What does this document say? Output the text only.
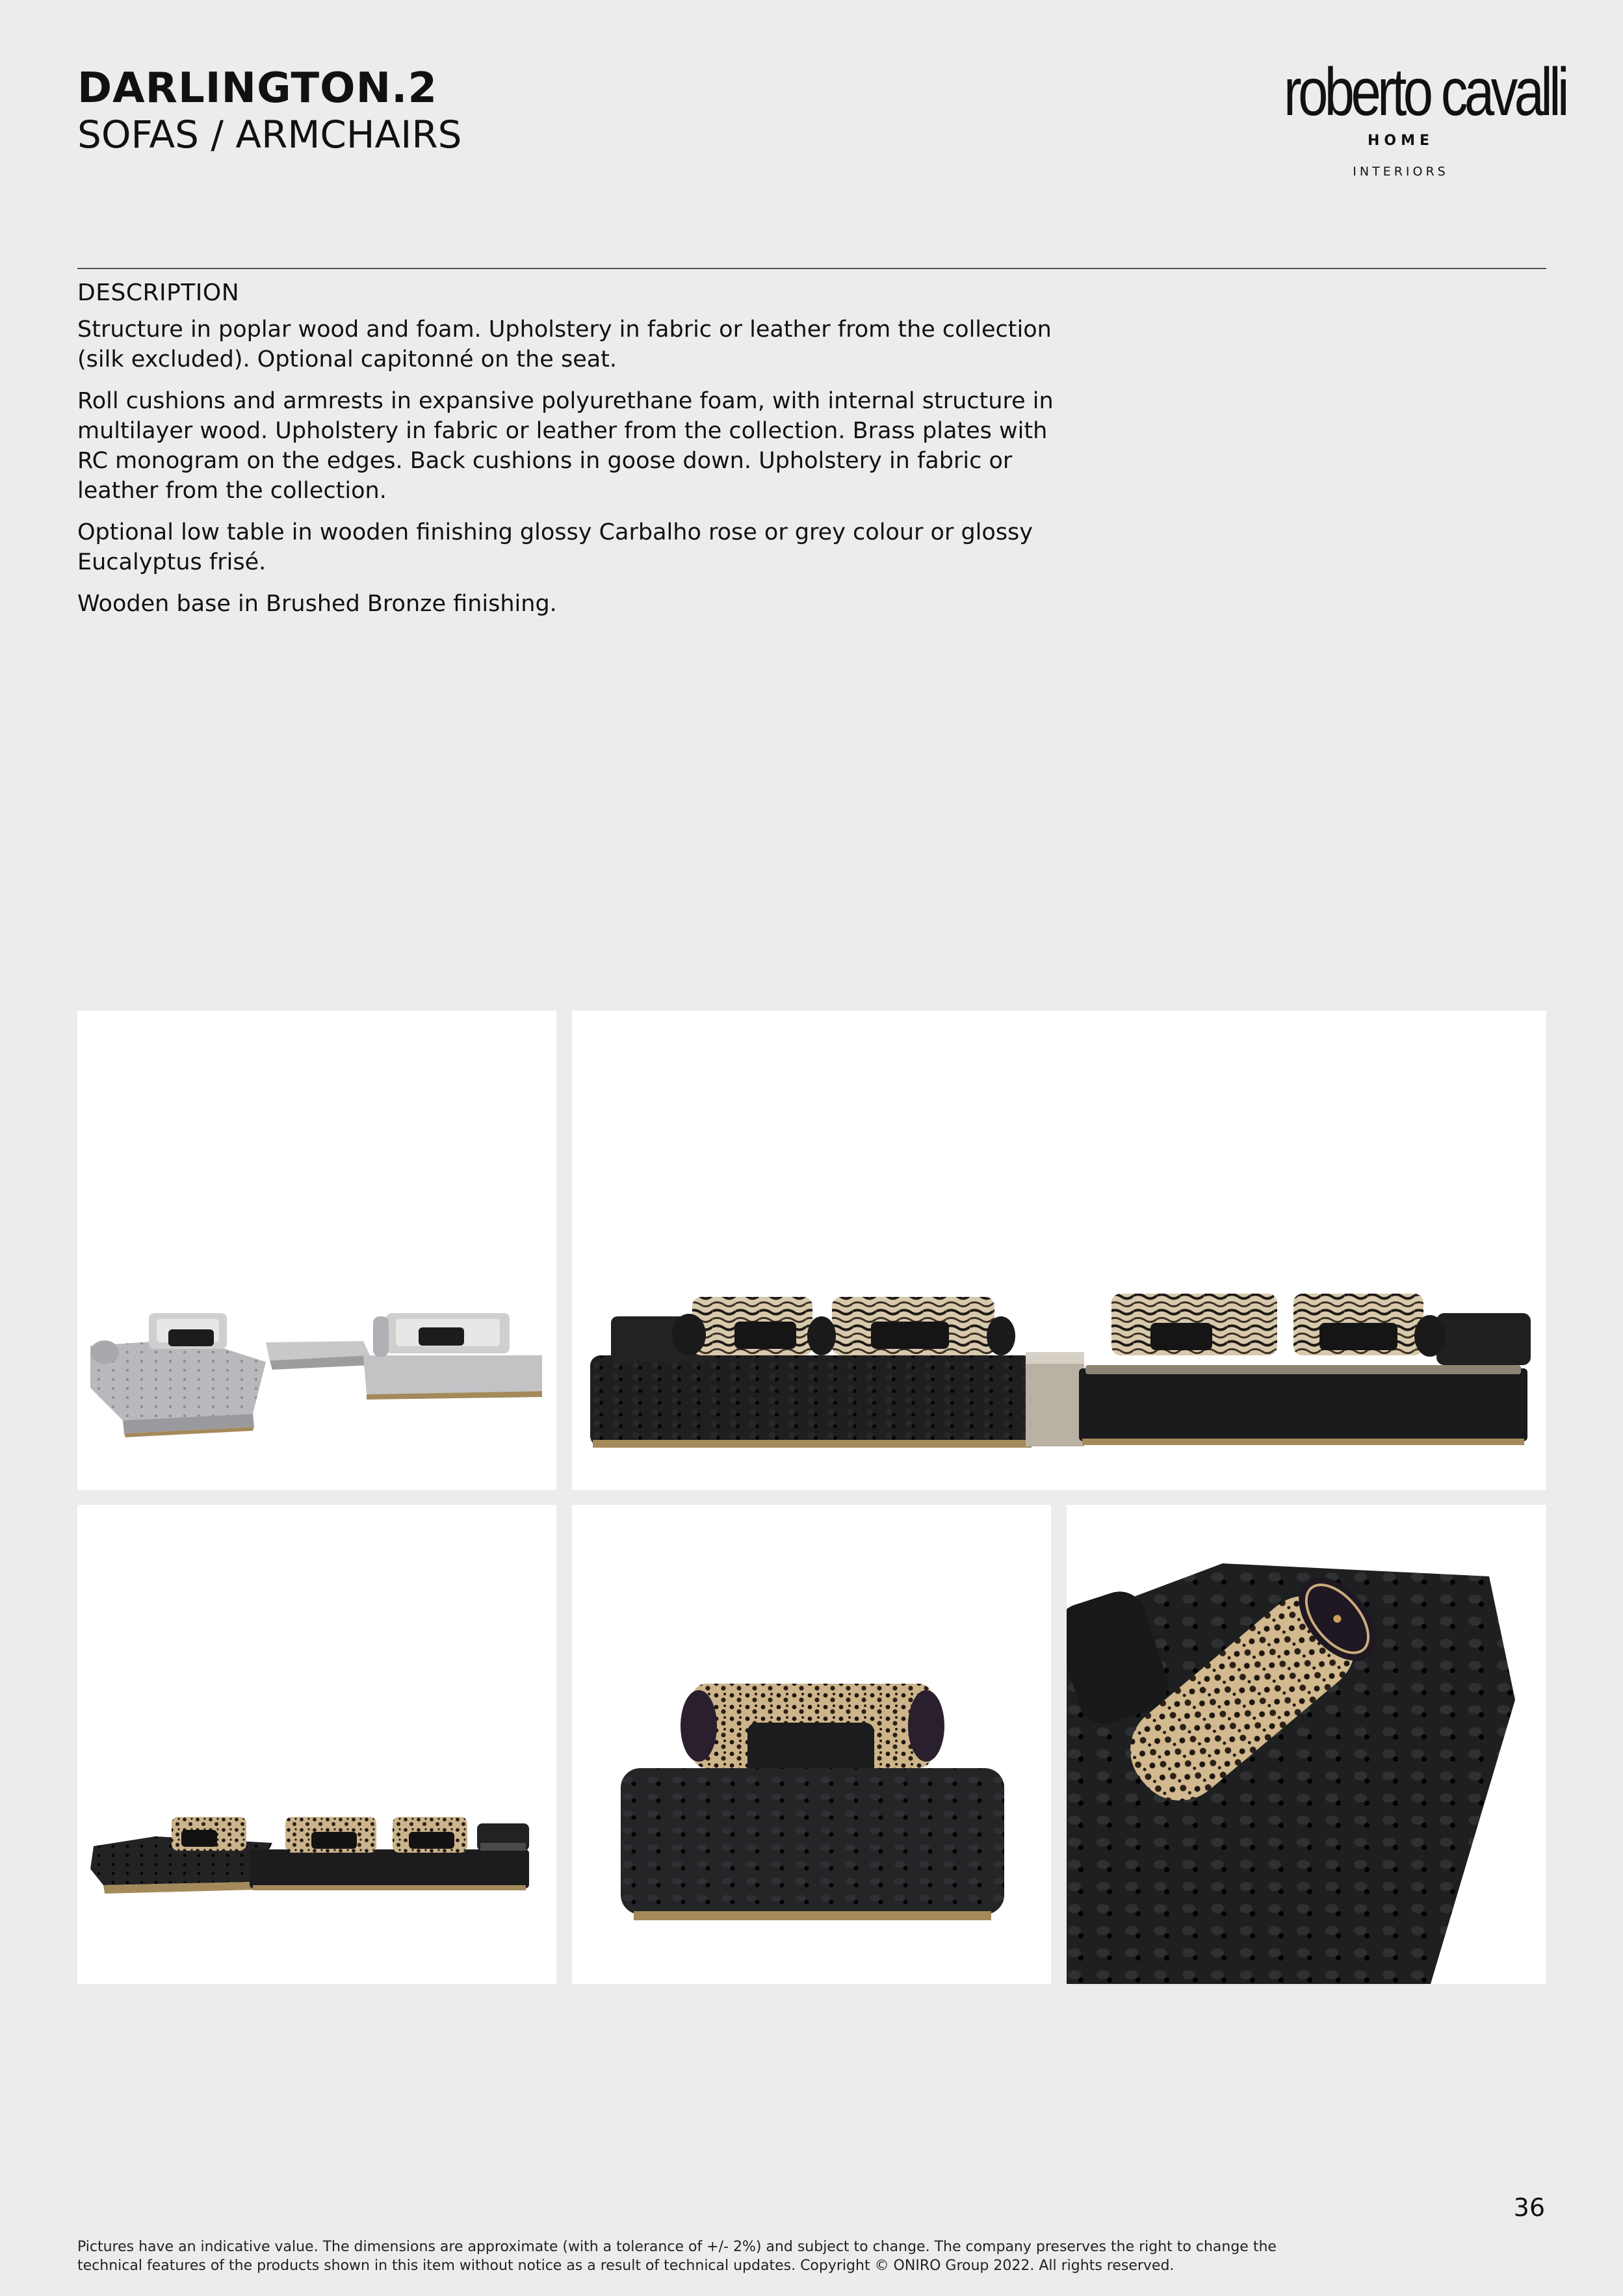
DARLINGTON.2
SOFAS / ARMCHAIRS
roberto cavalli
HOME
INTERIORS
DESCRIPTION

Structure in poplar wood and foam. Upholstery in fabric or leather from the collection (silk excluded). Optional capitonné on the seat.

Roll cushions and armrests in expansive polyurethane foam, with internal structure in multilayer wood. Upholstery in fabric or leather from the collection. Brass plates with RC monogram on the edges. Back cushions in goose down. Upholstery in fabric or leather from the collection.

Optional low table in wooden finishing glossy Carbalho rose or grey colour or glossy Eucalyptus frisé.

Wooden base in Brushed Bronze finishing.

36
Pictures have an indicative value. The dimensions are approximate (with a tolerance of +/- 2%) and subject to change. The company preserves the right to change the
technical features of the products shown in this item without notice as a result of technical updates. Copyright © ONIRO Group 2022. All rights reserved.
